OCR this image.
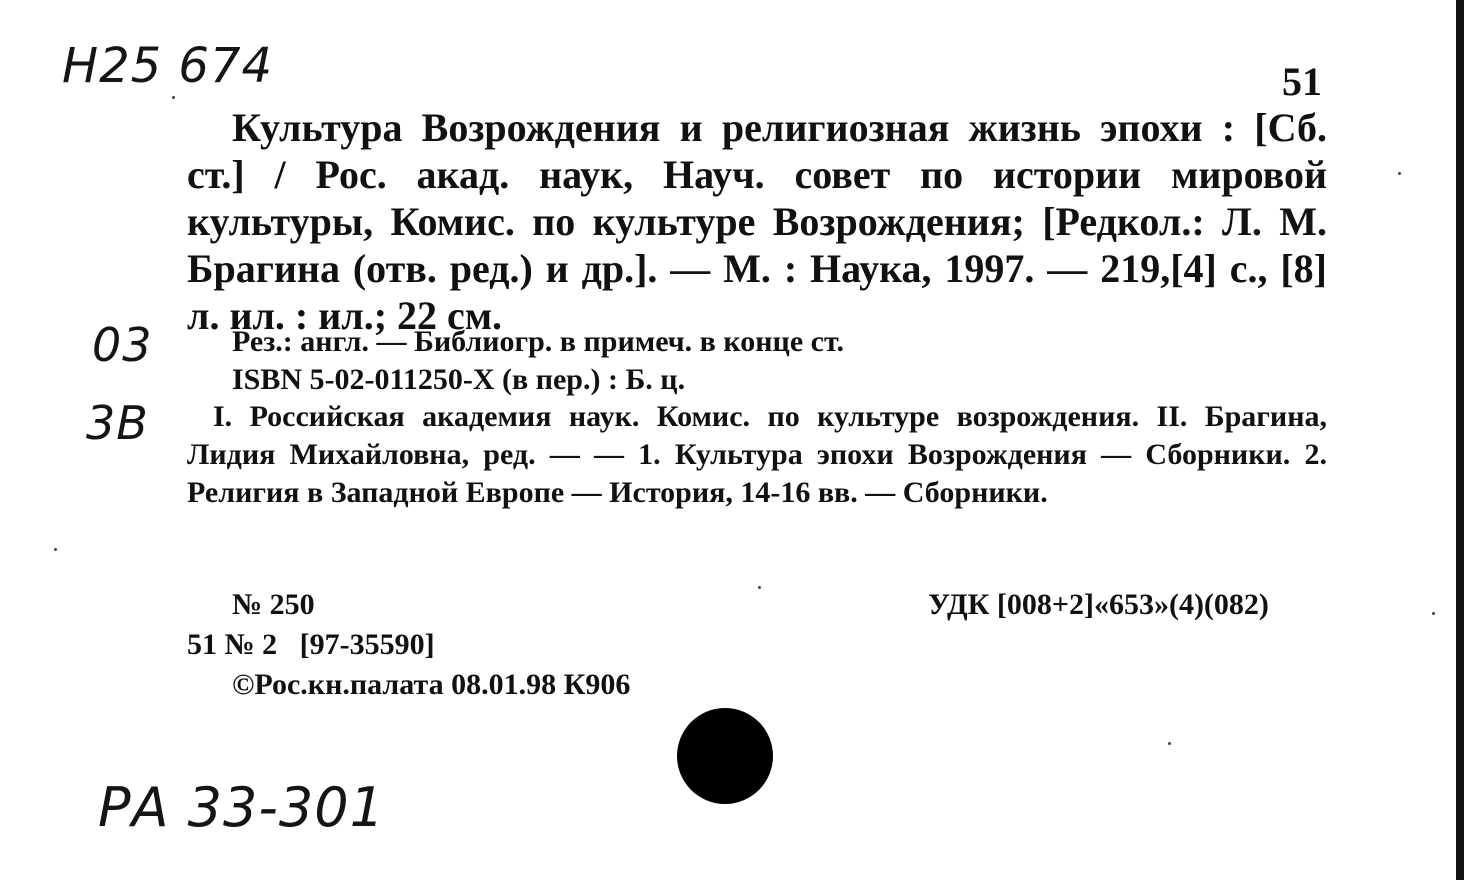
Н25 674
03
3В
РА 33-301
51
Культура Возрождения и религиозная жизнь эпохи : [Сб. ст.] / Рос. акад. наук, Науч. совет по истории мировой культуры, Комис. по культуре Возрождения; [Редкол.: Л. М. Брагина (отв. ред.) и др.]. — М. : Наука, 1997. — 219,[4] с., [8] л. ил. : ил.; 22 см.
Рез.: англ. — Библиогр. в примеч. в конце ст.
ISBN 5-02-011250-X (в пер.) : Б. ц.
I. Российская академия наук. Комис. по культуре возрождения. II. Брагина, Лидия Михайловна, ред. — — 1. Культура эпохи Возрождения — Сборники. 2. Религия в Западной Европе — История, 14-16 вв. — Сборники.
№ 250	УДК [008+2]«653»(4)(082)
51 № 2   [97-35590]
©Рос.кн.палата 08.01.98 К906
